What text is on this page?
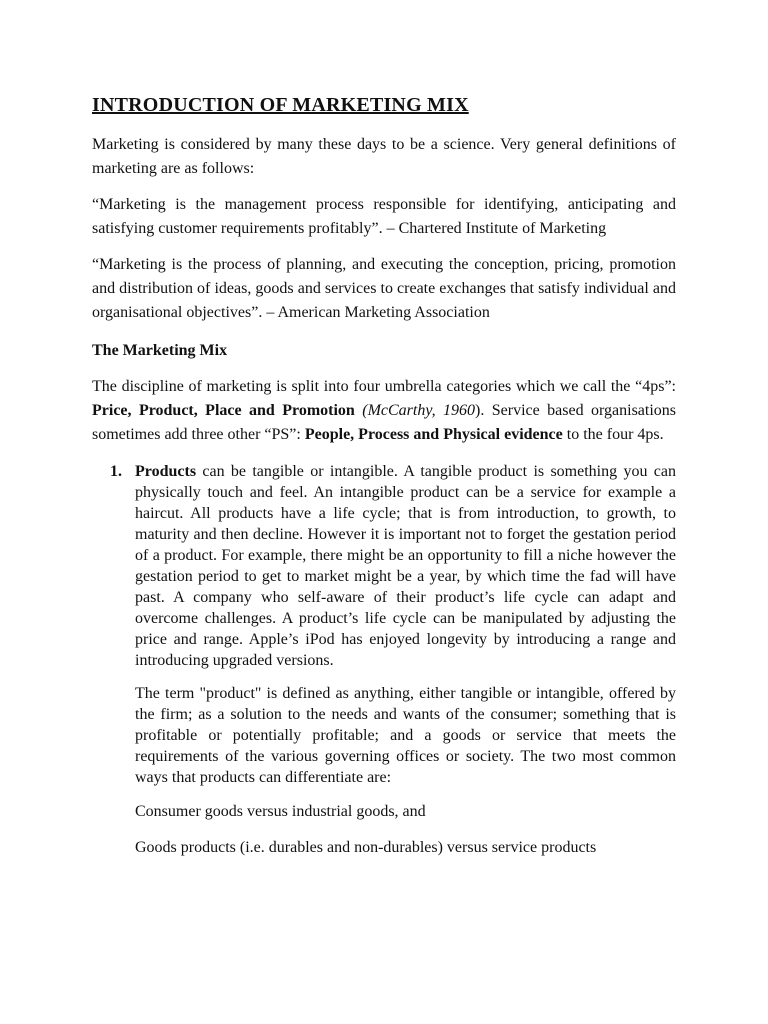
INTRODUCTION OF MARKETING MIX

Marketing is considered by many these days to be a science. Very general definitions of marketing are as follows:

“Marketing is the management process responsible for identifying, anticipating and satisfying customer requirements profitably”. – Chartered Institute of Marketing

“Marketing is the process of planning, and executing the conception, pricing, promotion and distribution of ideas, goods and services to create exchanges that satisfy individual and organisational objectives”. – American Marketing Association

The Marketing Mix

The discipline of marketing is split into four umbrella categories which we call the “4ps”: Price, Product, Place and Promotion (McCarthy, 1960). Service based organisations sometimes add three other “PS”: People, Process and Physical evidence to the four 4ps.

1. Products can be tangible or intangible. A tangible product is something you can physically touch and feel. An intangible product can be a service for example a haircut. All products have a life cycle; that is from introduction, to growth, to maturity and then decline. However it is important not to forget the gestation period of a product. For example, there might be an opportunity to fill a niche however the gestation period to get to market might be a year, by which time the fad will have past. A company who self-aware of their product’s life cycle can adapt and overcome challenges. A product’s life cycle can be manipulated by adjusting the price and range. Apple’s iPod has enjoyed longevity by introducing a range and introducing upgraded versions.

The term "product" is defined as anything, either tangible or intangible, offered by the firm; as a solution to the needs and wants of the consumer; something that is profitable or potentially profitable; and a goods or service that meets the requirements of the various governing offices or society. The two most common ways that products can differentiate are:

Consumer goods versus industrial goods, and

Goods products (i.e. durables and non-durables) versus service products
